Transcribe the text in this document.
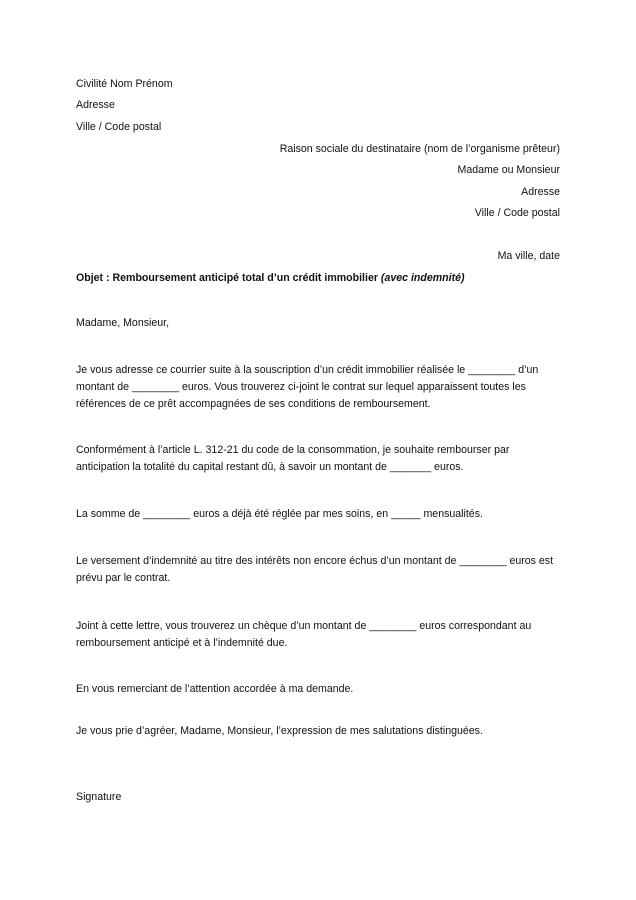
Civilité Nom Prénom
Adresse
Ville / Code postal
Raison sociale du destinataire (nom de l’organisme prêteur)
Madame ou Monsieur
Adresse
Ville / Code postal
Ma ville, date
Objet : Remboursement anticipé total d’un crédit immobilier (avec indemnité)
Madame, Monsieur,
Je vous adresse ce courrier suite à la souscription d’un crédit immobilier réalisée le ________ d’un montant de ________ euros. Vous trouverez ci-joint le contrat sur lequel apparaissent toutes les références de ce prêt accompagnées de ses conditions de remboursement.
Conformément à l’article L. 312-21 du code de la consommation, je souhaite rembourser par anticipation la totalité du capital restant dû, à savoir un montant de _______ euros.
La somme de ________ euros a déjà été réglée par mes soins, en _____ mensualités.
Le versement d’indemnité au titre des intérêts non encore échus d’un montant de ________ euros est prévu par le contrat.
Joint à cette lettre, vous trouverez un chèque d’un montant de ________ euros correspondant au remboursement anticipé et à l’indemnité due.
En vous remerciant de l’attention accordée à ma demande.
Je vous prie d’agréer, Madame, Monsieur, l’expression de mes salutations distinguées.
Signature
